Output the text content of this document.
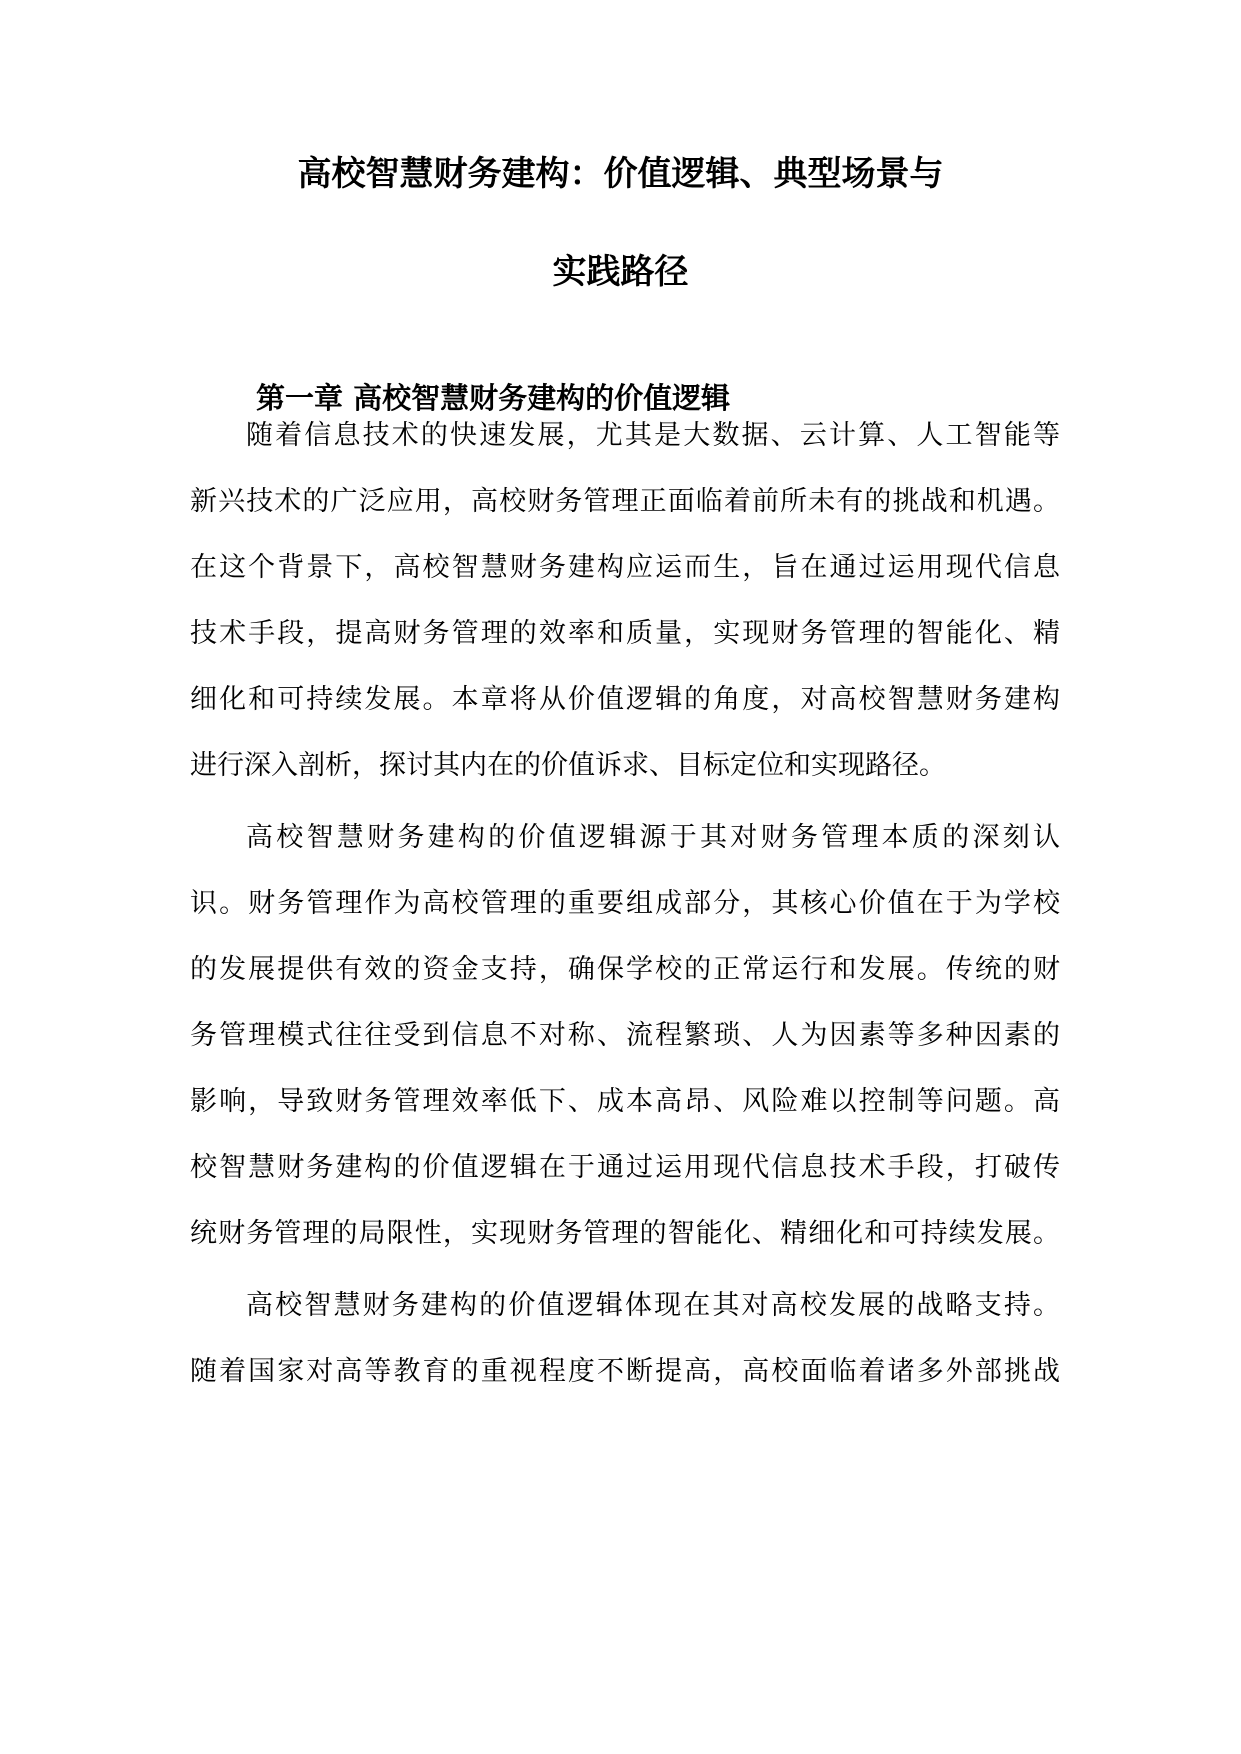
高校智慧财务建构：价值逻辑、典型场景与
实践路径
第一章 高校智慧财务建构的价值逻辑

随着信息技术的快速发展，尤其是大数据、云计算、人工智能等

新兴技术的广泛应用，高校财务管理正面临着前所未有的挑战和机遇。

在这个背景下，高校智慧财务建构应运而生，旨在通过运用现代信息

技术手段，提高财务管理的效率和质量，实现财务管理的智能化、精

细化和可持续发展。本章将从价值逻辑的角度，对高校智慧财务建构

进行深入剖析，探讨其内在的价值诉求、目标定位和实现路径。

高校智慧财务建构的价值逻辑源于其对财务管理本质的深刻认

识。财务管理作为高校管理的重要组成部分，其核心价值在于为学校

的发展提供有效的资金支持，确保学校的正常运行和发展。传统的财

务管理模式往往受到信息不对称、流程繁琐、人为因素等多种因素的

影响，导致财务管理效率低下、成本高昂、风险难以控制等问题。高

校智慧财务建构的价值逻辑在于通过运用现代信息技术手段，打破传

统财务管理的局限性，实现财务管理的智能化、精细化和可持续发展。

高校智慧财务建构的价值逻辑体现在其对高校发展的战略支持。

随着国家对高等教育的重视程度不断提高，高校面临着诸多外部挑战
